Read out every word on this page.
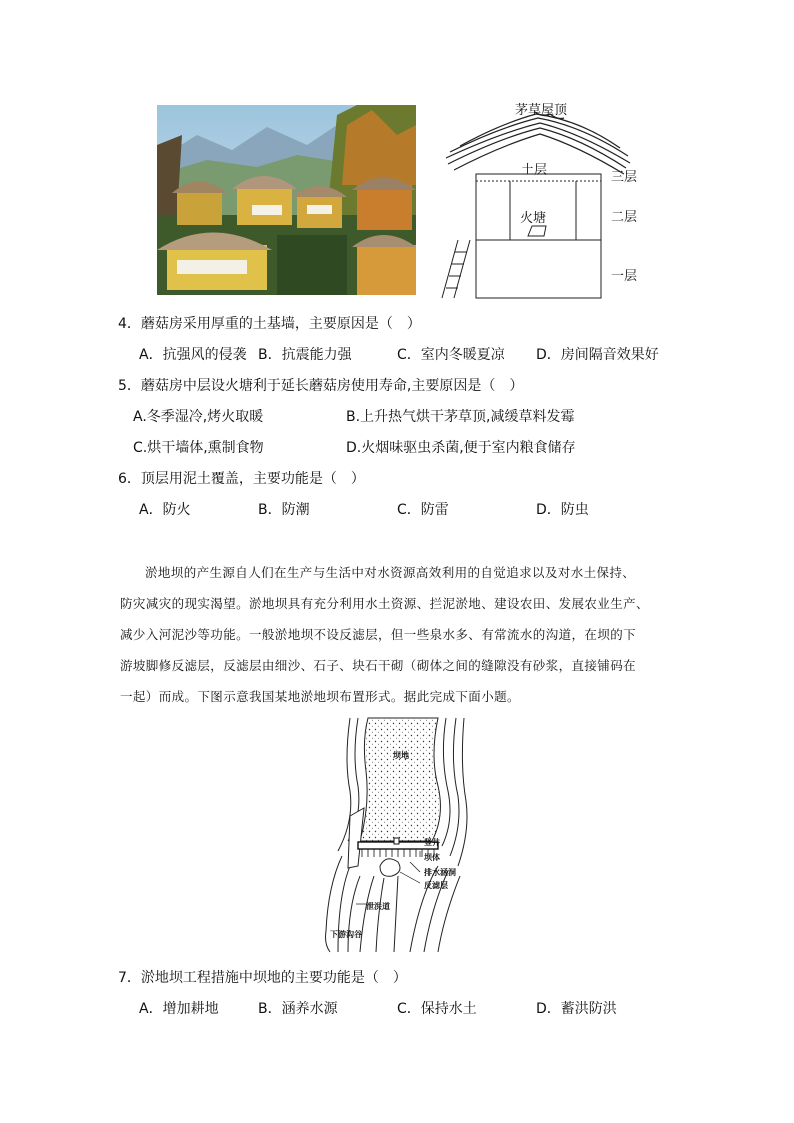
茅草屋顶
土层
火塘
三层
二层
一层
4．蘑菇房采用厚重的土基墙，主要原因是（　）
A．抗强风的侵袭 B．抗震能力强	C．室内冬暖夏凉 D．房间隔音效果好
5．蘑菇房中层设火塘利于延长蘑菇房使用寿命,主要原因是（　）
A.冬季湿冷,烤火取暖	B.上升热气烘干茅草顶,减缓草料发霉
C.烘干墙体,熏制食物	D.火烟味驱虫杀菌,便于室内粮食储存
6．顶层用泥土覆盖，主要功能是（　）
A．防火	B．防潮	C．防雷	D．防虫
淤地坝的产生源自人们在生产与生活中对水资源高效利用的自觉追求以及对水土保持、
防灾减灾的现实渴望。淤地坝具有充分利用水土资源、拦泥淤地、建设农田、发展农业生产、
减少入河泥沙等功能。一般淤地坝不设反滤层，但一些泉水多、有常流水的沟道，在坝的下
游坡脚修反滤层，反滤层由细沙、石子、块石干砌（砌体之间的缝隙没有砂浆，直接铺码在
一起）而成。下图示意我国某地淤地坝布置形式。据此完成下面小题。
坝地
竖井
坝体
排水涵洞
反滤层
泄洪道
下游沟谷
7．淤地坝工程措施中坝地的主要功能是（　）
A．增加耕地	B．涵养水源	C．保持水土	D．蓄洪防洪
